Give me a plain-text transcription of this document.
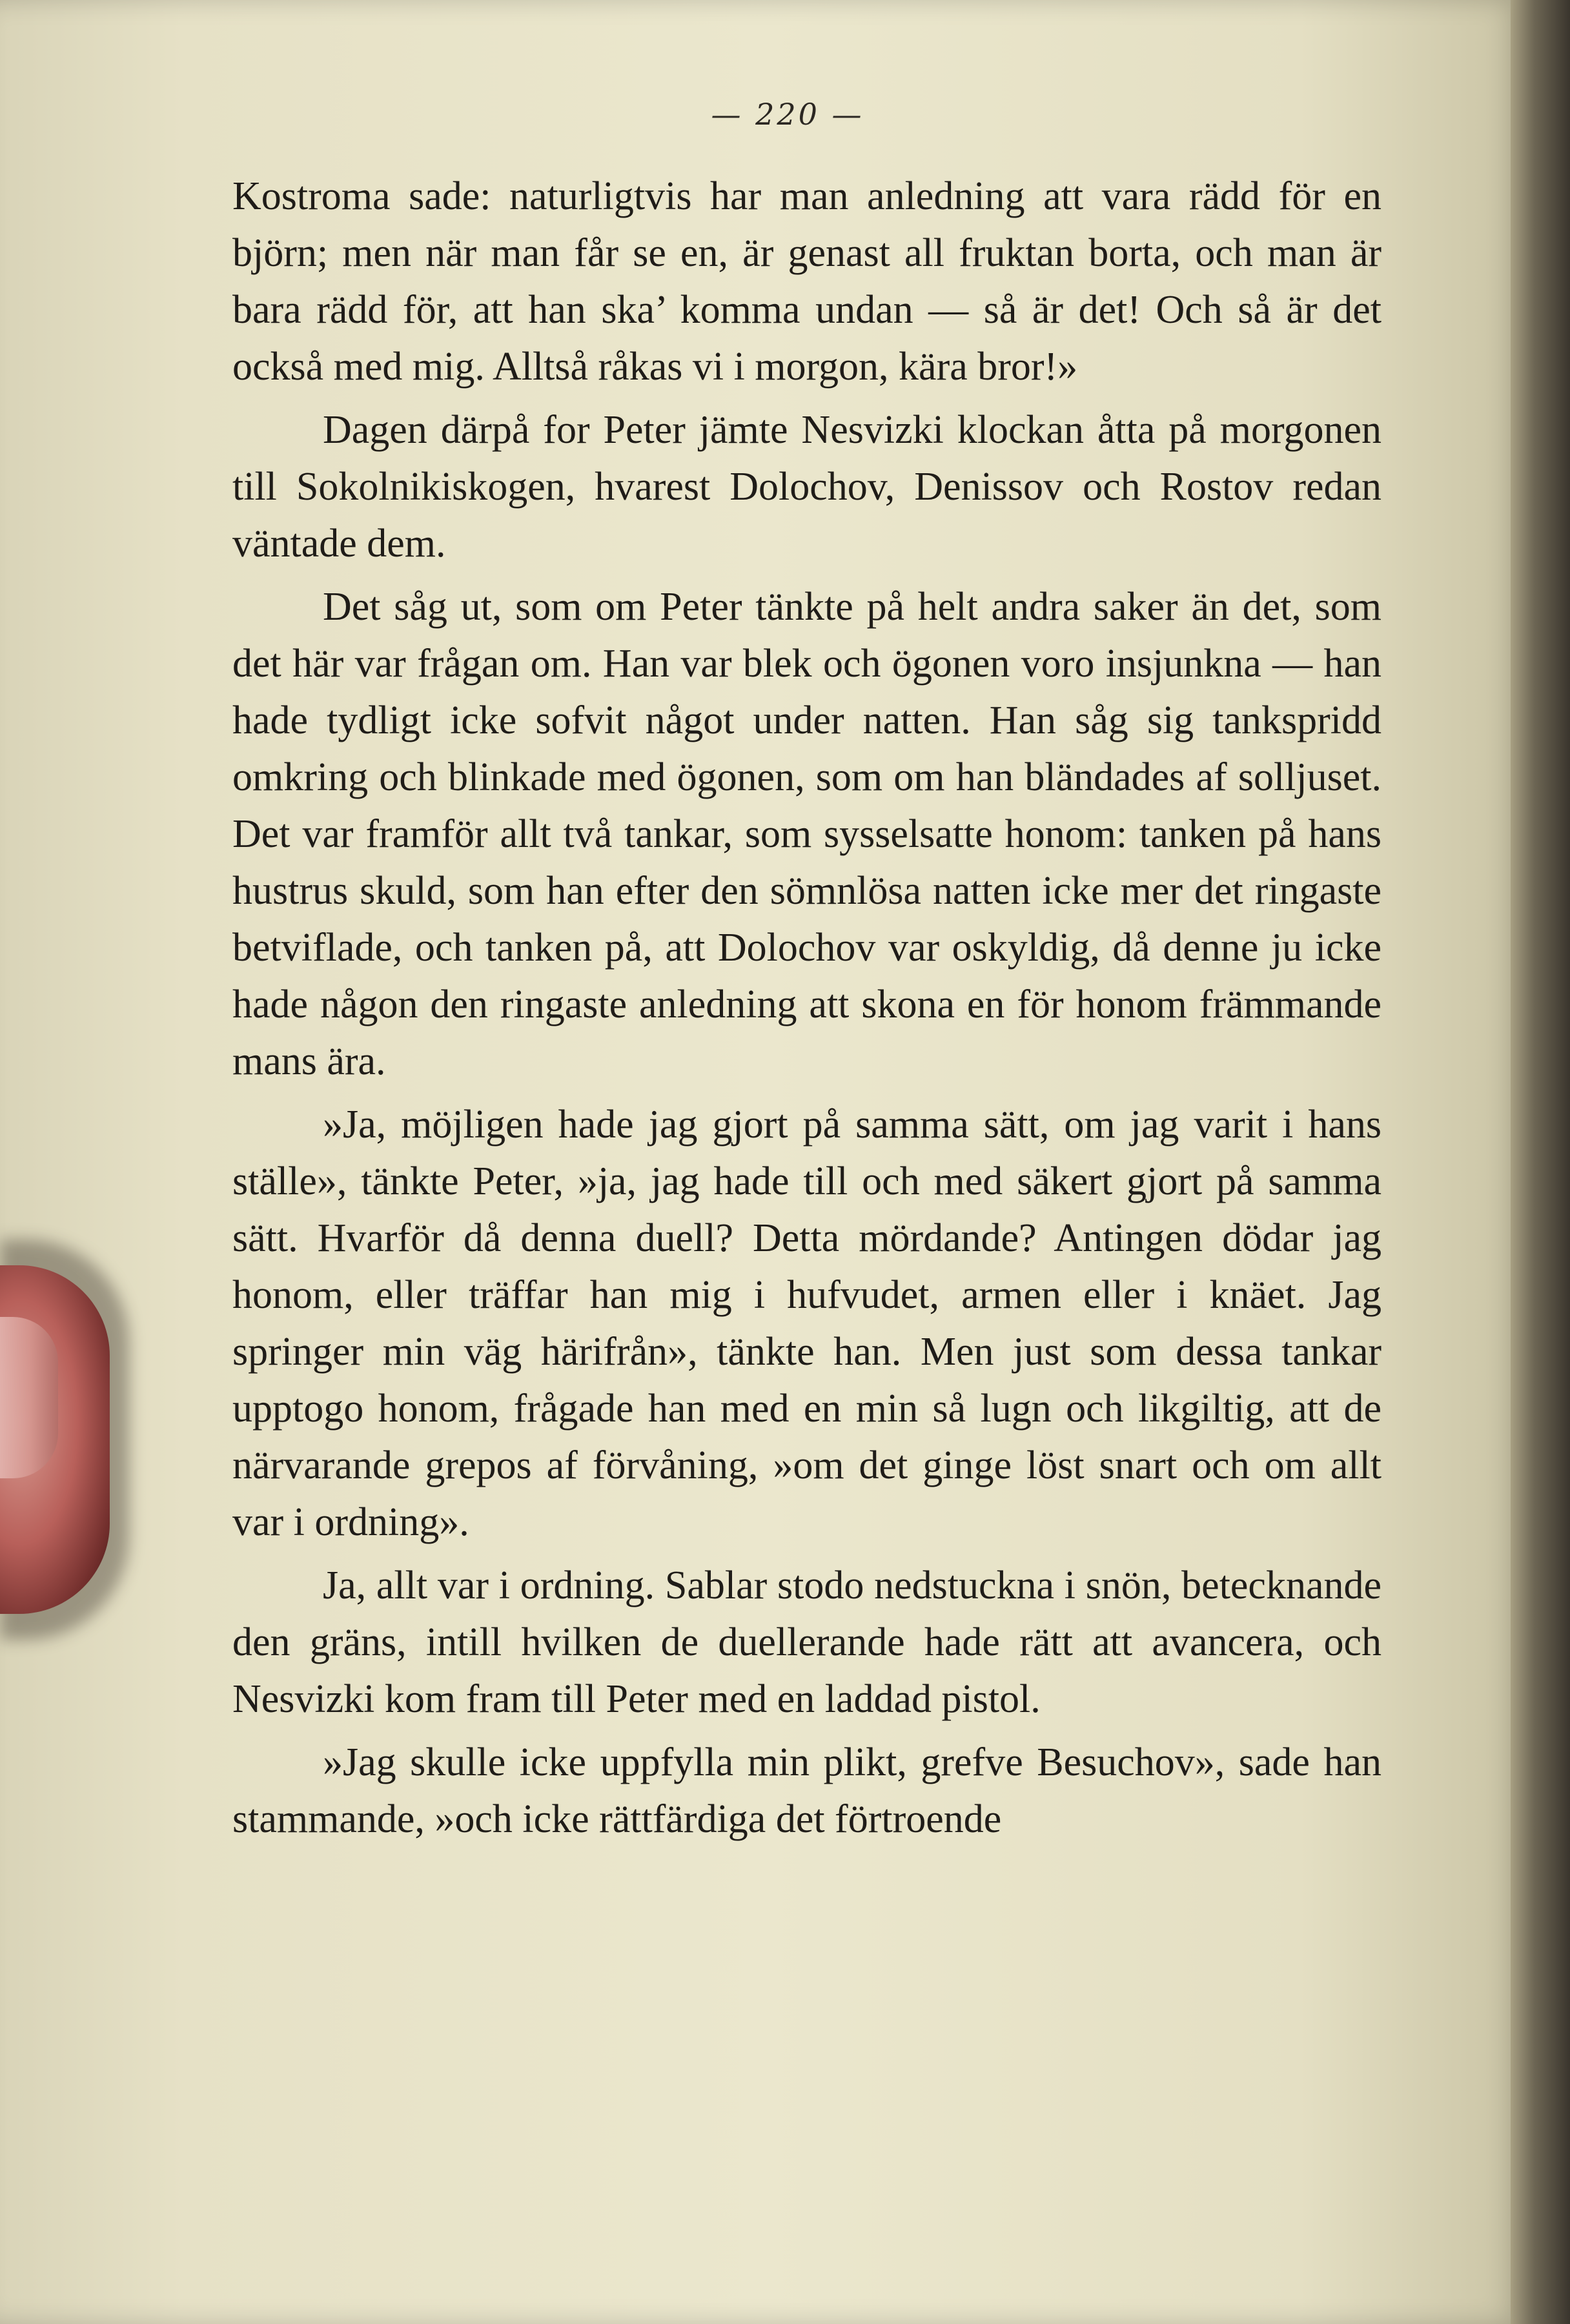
— 220 —

Kostroma sade: naturligtvis har man anledning att vara rädd för en björn; men när man får se en, är genast all fruktan borta, och man är bara rädd för, att han ska’ komma undan — så är det! Och så är det också med mig. Alltså råkas vi i morgon, kära bror!»

Dagen därpå for Peter jämte Nesvizki klockan åtta på morgonen till Sokolnikiskogen, hvarest Dolochov, Denissov och Rostov redan väntade dem.

Det såg ut, som om Peter tänkte på helt andra saker än det, som det här var frågan om. Han var blek och ögonen voro insjunkna — han hade tydligt icke sofvit något under natten. Han såg sig tankspridd omkring och blinkade med ögonen, som om han bländades af solljuset. Det var framför allt två tankar, som sysselsatte honom: tanken på hans hustrus skuld, som han efter den sömnlösa natten icke mer det ringaste betviflade, och tanken på, att Dolochov var oskyldig, då denne ju icke hade någon den ringaste anledning att skona en för honom främmande mans ära.

»Ja, möjligen hade jag gjort på samma sätt, om jag varit i hans ställe», tänkte Peter, »ja, jag hade till och med säkert gjort på samma sätt. Hvarför då denna duell? Detta mördande? Antingen dödar jag honom, eller träffar han mig i hufvudet, armen eller i knäet. Jag springer min väg härifrån», tänkte han. Men just som dessa tankar upptogo honom, frågade han med en min så lugn och likgiltig, att de närvarande grepos af förvåning, »om det ginge löst snart och om allt var i ordning».

Ja, allt var i ordning. Sablar stodo nedstuckna i snön, betecknande den gräns, intill hvilken de duellerande hade rätt att avancera, och Nesvizki kom fram till Peter med en laddad pistol.

»Jag skulle icke uppfylla min plikt, grefve Besuchov», sade han stammande, »och icke rättfärdiga det förtroende
